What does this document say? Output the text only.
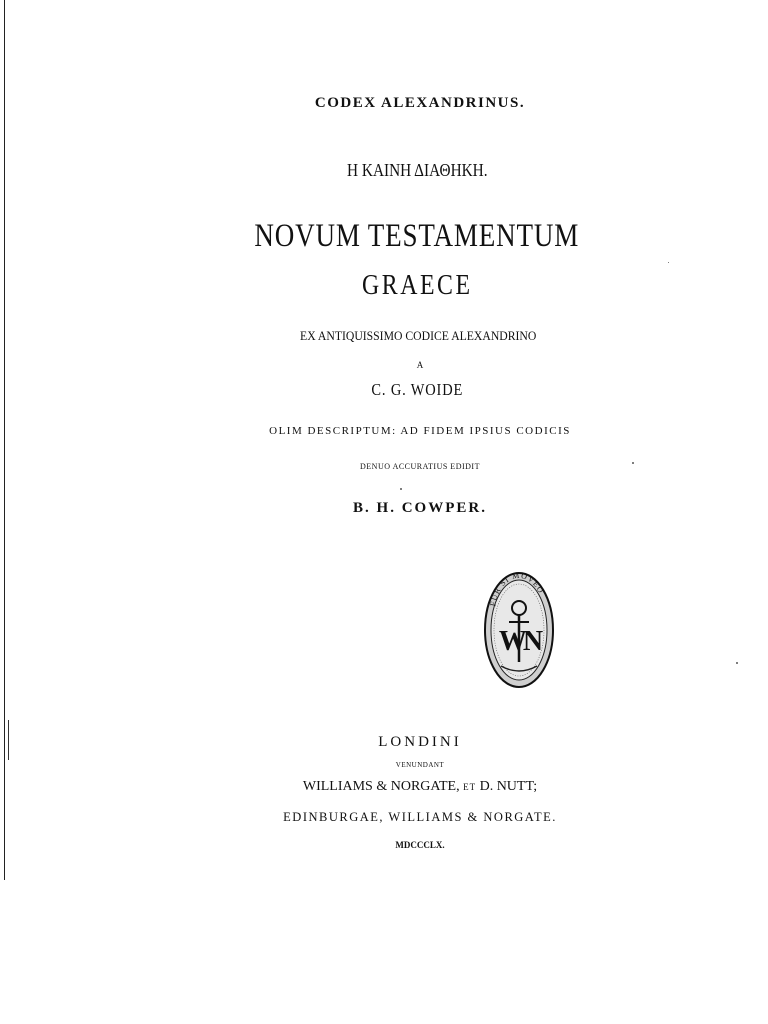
CODEX ALEXANDRINUS.

Η ΚΑΙΝΗ ΔΙΑΘΗΚΗ.

NOVUM TESTAMENTUM

GRAECE

EX ANTIQUISSIMO CODICE ALEXANDRINO

A

C. G. WOIDE

OLIM DESCRIPTUM: AD FIDEM IPSIUS CODICIS

DENUO ACCURATIUS EDIDIT

B. H. COWPER.

FUR SI MOVEO
WN

LONDINI

VENUNDANT

WILLIAMS & NORGATE, ET D. NUTT;

EDINBURGAE, WILLIAMS & NORGATE.

MDCCCLX.
